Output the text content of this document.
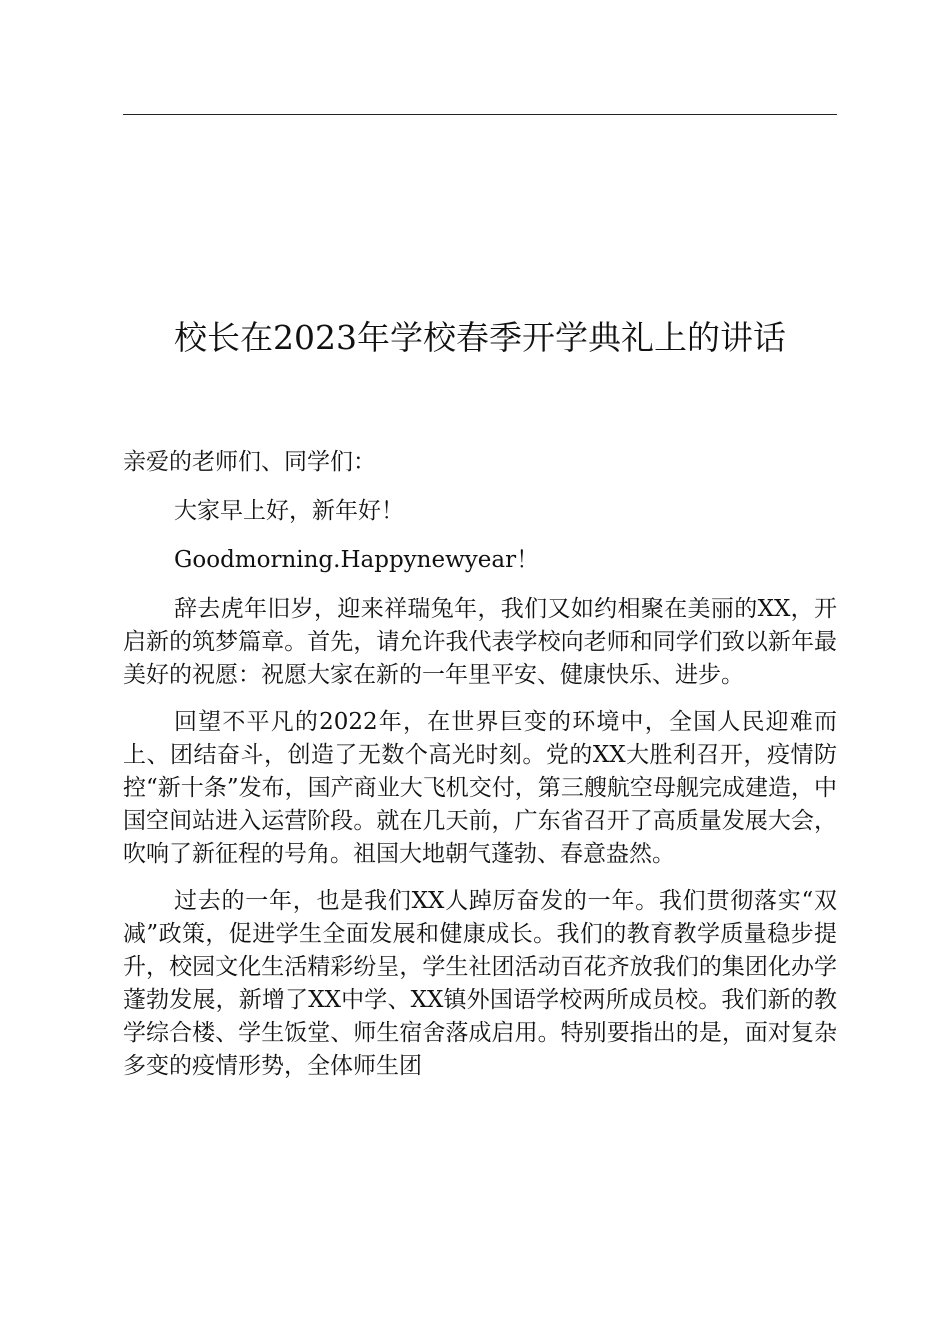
校长在2023年学校春季开学典礼上的讲话

亲爱的老师们、同学们：

大家早上好，新年好！

Goodmorning.Happynewyear！

辞去虎年旧岁，迎来祥瑞兔年，我们又如约相聚在美丽的XX，开启新的筑梦篇章。首先，请允许我代表学校向老师和同学们致以新年最美好的祝愿：祝愿大家在新的一年里平安、健康快乐、进步。

回望不平凡的2022年，在世界巨变的环境中，全国人民迎难而上、团结奋斗，创造了无数个高光时刻。党的XX大胜利召开，疫情防控“新十条”发布，国产商业大飞机交付，第三艘航空母舰完成建造，中国空间站进入运营阶段。就在几天前，广东省召开了高质量发展大会，吹响了新征程的号角。祖国大地朝气蓬勃、春意盎然。

过去的一年，也是我们XX人踔厉奋发的一年。我们贯彻落实“双减”政策，促进学生全面发展和健康成长。我们的教育教学质量稳步提升，校园文化生活精彩纷呈，学生社团活动百花齐放我们的集团化办学蓬勃发展，新增了XX中学、XX镇外国语学校两所成员校。我们新的教学综合楼、学生饭堂、师生宿舍落成启用。特别要指出的是，面对复杂多变的疫情形势，全体师生团
